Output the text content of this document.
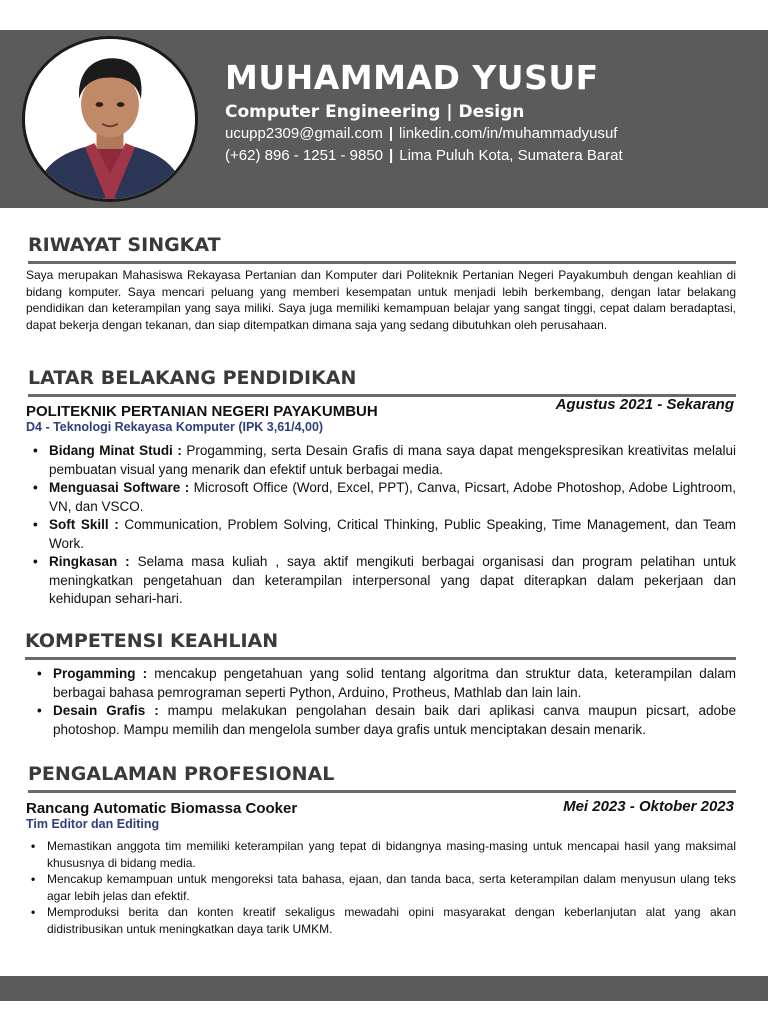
MUHAMMAD YUSUF
Computer Engineering | Design
ucupp2309@gmail.com | linkedin.com/in/muhammadyusuf
(+62) 896 - 1251 - 9850 | Lima Puluh Kota, Sumatera Barat
RIWAYAT SINGKAT
Saya merupakan Mahasiswa Rekayasa Pertanian dan Komputer dari Politeknik Pertanian Negeri Payakumbuh dengan keahlian di bidang komputer. Saya mencari peluang yang memberi kesempatan untuk menjadi lebih berkembang, dengan latar belakang pendidikan dan keterampilan yang saya miliki. Saya juga memiliki kemampuan belajar yang sangat tinggi, cepat dalam beradaptasi, dapat bekerja dengan tekanan, dan siap ditempatkan dimana saja yang sedang dibutuhkan oleh perusahaan.
LATAR BELAKANG PENDIDIKAN
POLITEKNIK PERTANIAN NEGERI PAYAKUMBUH	Agustus 2021 - Sekarang
D4 - Teknologi Rekayasa Komputer (IPK 3,61/4,00)
• Bidang Minat Studi : Progamming, serta Desain Grafis di mana saya dapat mengekspresikan kreativitas melalui pembuatan visual yang menarik dan efektif untuk berbagai media.
• Menguasai Software : Microsoft Office (Word, Excel, PPT), Canva, Picsart, Adobe Photoshop, Adobe Lightroom, VN, dan VSCO.
• Soft Skill : Communication, Problem Solving, Critical Thinking, Public Speaking, Time Management, dan Team Work.
• Ringkasan : Selama masa kuliah , saya aktif mengikuti berbagai organisasi dan program pelatihan untuk meningkatkan pengetahuan dan keterampilan interpersonal yang dapat diterapkan dalam pekerjaan dan kehidupan sehari-hari.
KOMPETENSI KEAHLIAN
• Progamming : mencakup pengetahuan yang solid tentang algoritma dan struktur data, keterampilan dalam berbagai bahasa pemrograman seperti Python, Arduino, Protheus, Mathlab dan lain lain.
• Desain Grafis : mampu melakukan pengolahan desain baik dari aplikasi canva maupun picsart, adobe photoshop. Mampu memilih dan mengelola sumber daya grafis untuk menciptakan desain menarik.
PENGALAMAN PROFESIONAL
Rancang Automatic Biomassa Cooker	Mei 2023 - Oktober 2023
Tim Editor dan Editing
• Memastikan anggota tim memiliki keterampilan yang tepat di bidangnya masing-masing untuk mencapai hasil yang maksimal khususnya di bidang media.
• Mencakup kemampuan untuk mengoreksi tata bahasa, ejaan, dan tanda baca, serta keterampilan dalam menyusun ulang teks agar lebih jelas dan efektif.
• Memproduksi berita dan konten kreatif sekaligus mewadahi opini masyarakat dengan keberlanjutan alat yang akan didistribusikan untuk meningkatkan daya tarik UMKM.
